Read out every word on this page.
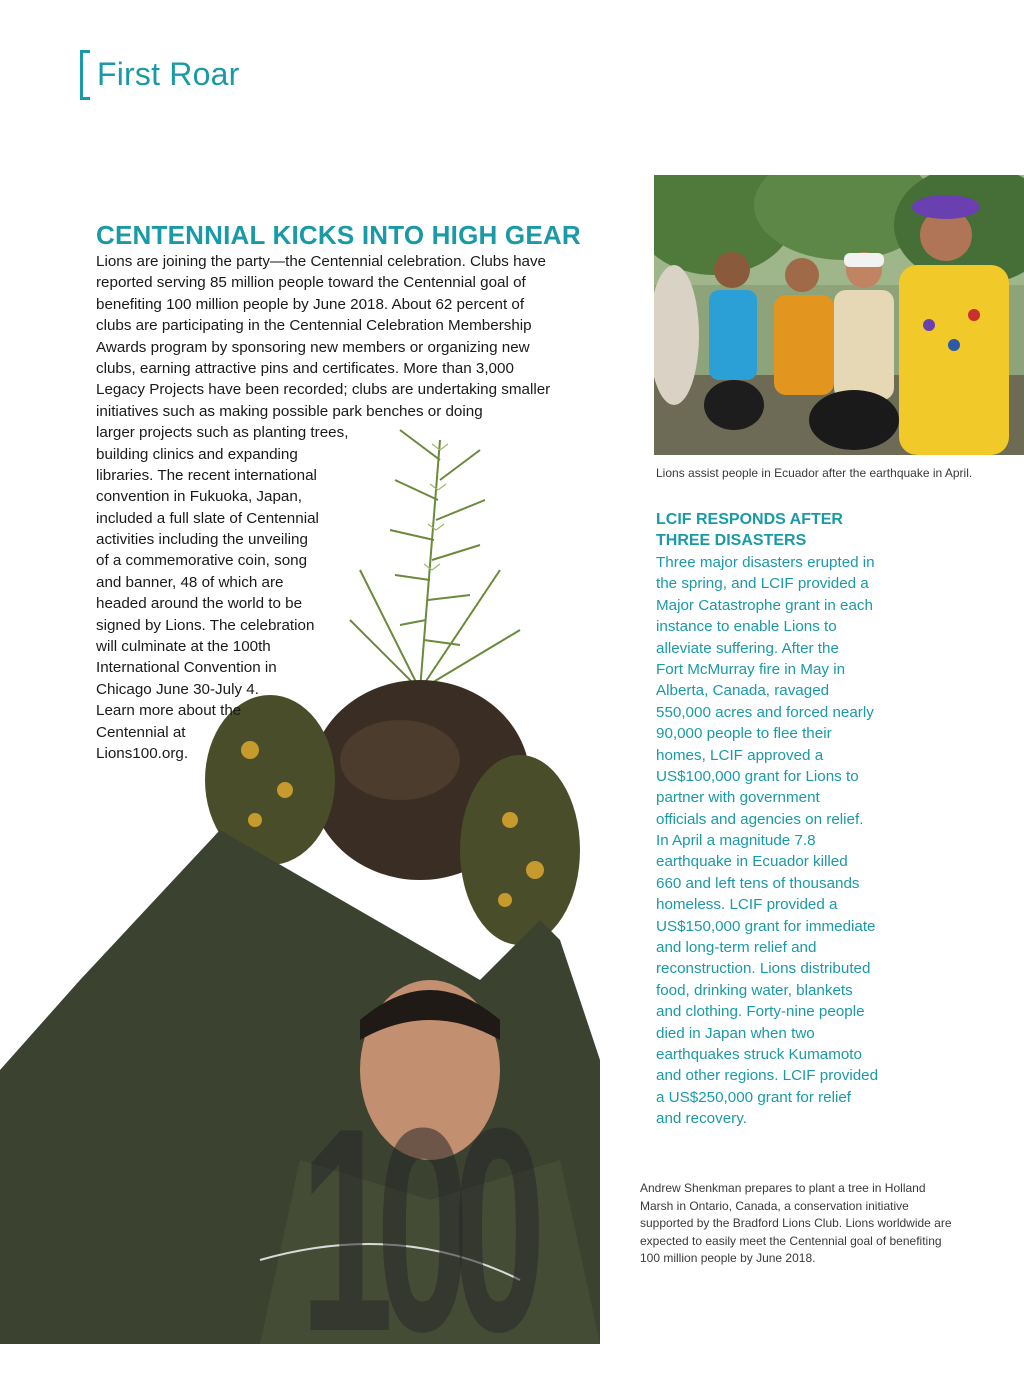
First Roar
Lions assist people in Ecuador after the earthquake in April.
100
CENTENNIAL KICKS INTO HIGH GEAR
Lions are joining the party—the Centennial celebration. Clubs have
reported serving 85 million people toward the Centennial goal of
benefiting 100 million people by June 2018. About 62 percent of
clubs are participating in the Centennial Celebration Membership
Awards program by sponsoring new members or organizing new
clubs, earning attractive pins and certificates. More than 3,000
Legacy Projects have been recorded; clubs are undertaking smaller
initiatives such as making possible park benches or doing
larger projects such as planting trees,
building clinics and expanding
libraries. The recent international
convention in Fukuoka, Japan,
included a full slate of Centennial
activities including the unveiling
of a commemorative coin, song
and banner, 48 of which are
headed around the world to be
signed by Lions. The celebration
will culminate at the 100th
International Convention in
Chicago June 30-July 4.
Learn more about the
Centennial at
Lions100.org.
LCIF RESPONDS AFTER
THREE DISASTERS
Three major disasters erupted in
the spring, and LCIF provided a
Major Catastrophe grant in each
instance to enable Lions to
alleviate suffering. After the
Fort McMurray fire in May in
Alberta, Canada, ravaged
550,000 acres and forced nearly
90,000 people to flee their
homes, LCIF approved a
US$100,000 grant for Lions to
partner with government
officials and agencies on relief.
In April a magnitude 7.8
earthquake in Ecuador killed
660 and left tens of thousands
homeless. LCIF provided a
US$150,000 grant for immediate
and long-term relief and
reconstruction. Lions distributed
food, drinking water, blankets
and clothing. Forty-nine people
died in Japan when two
earthquakes struck Kumamoto
and other regions. LCIF provided
a US$250,000 grant for relief
and recovery.
Andrew Shenkman prepares to plant a tree in Holland
Marsh in Ontario, Canada, a conservation initiative
supported by the Bradford Lions Club. Lions worldwide are
expected to easily meet the Centennial goal of benefiting
100 million people by June 2018.
